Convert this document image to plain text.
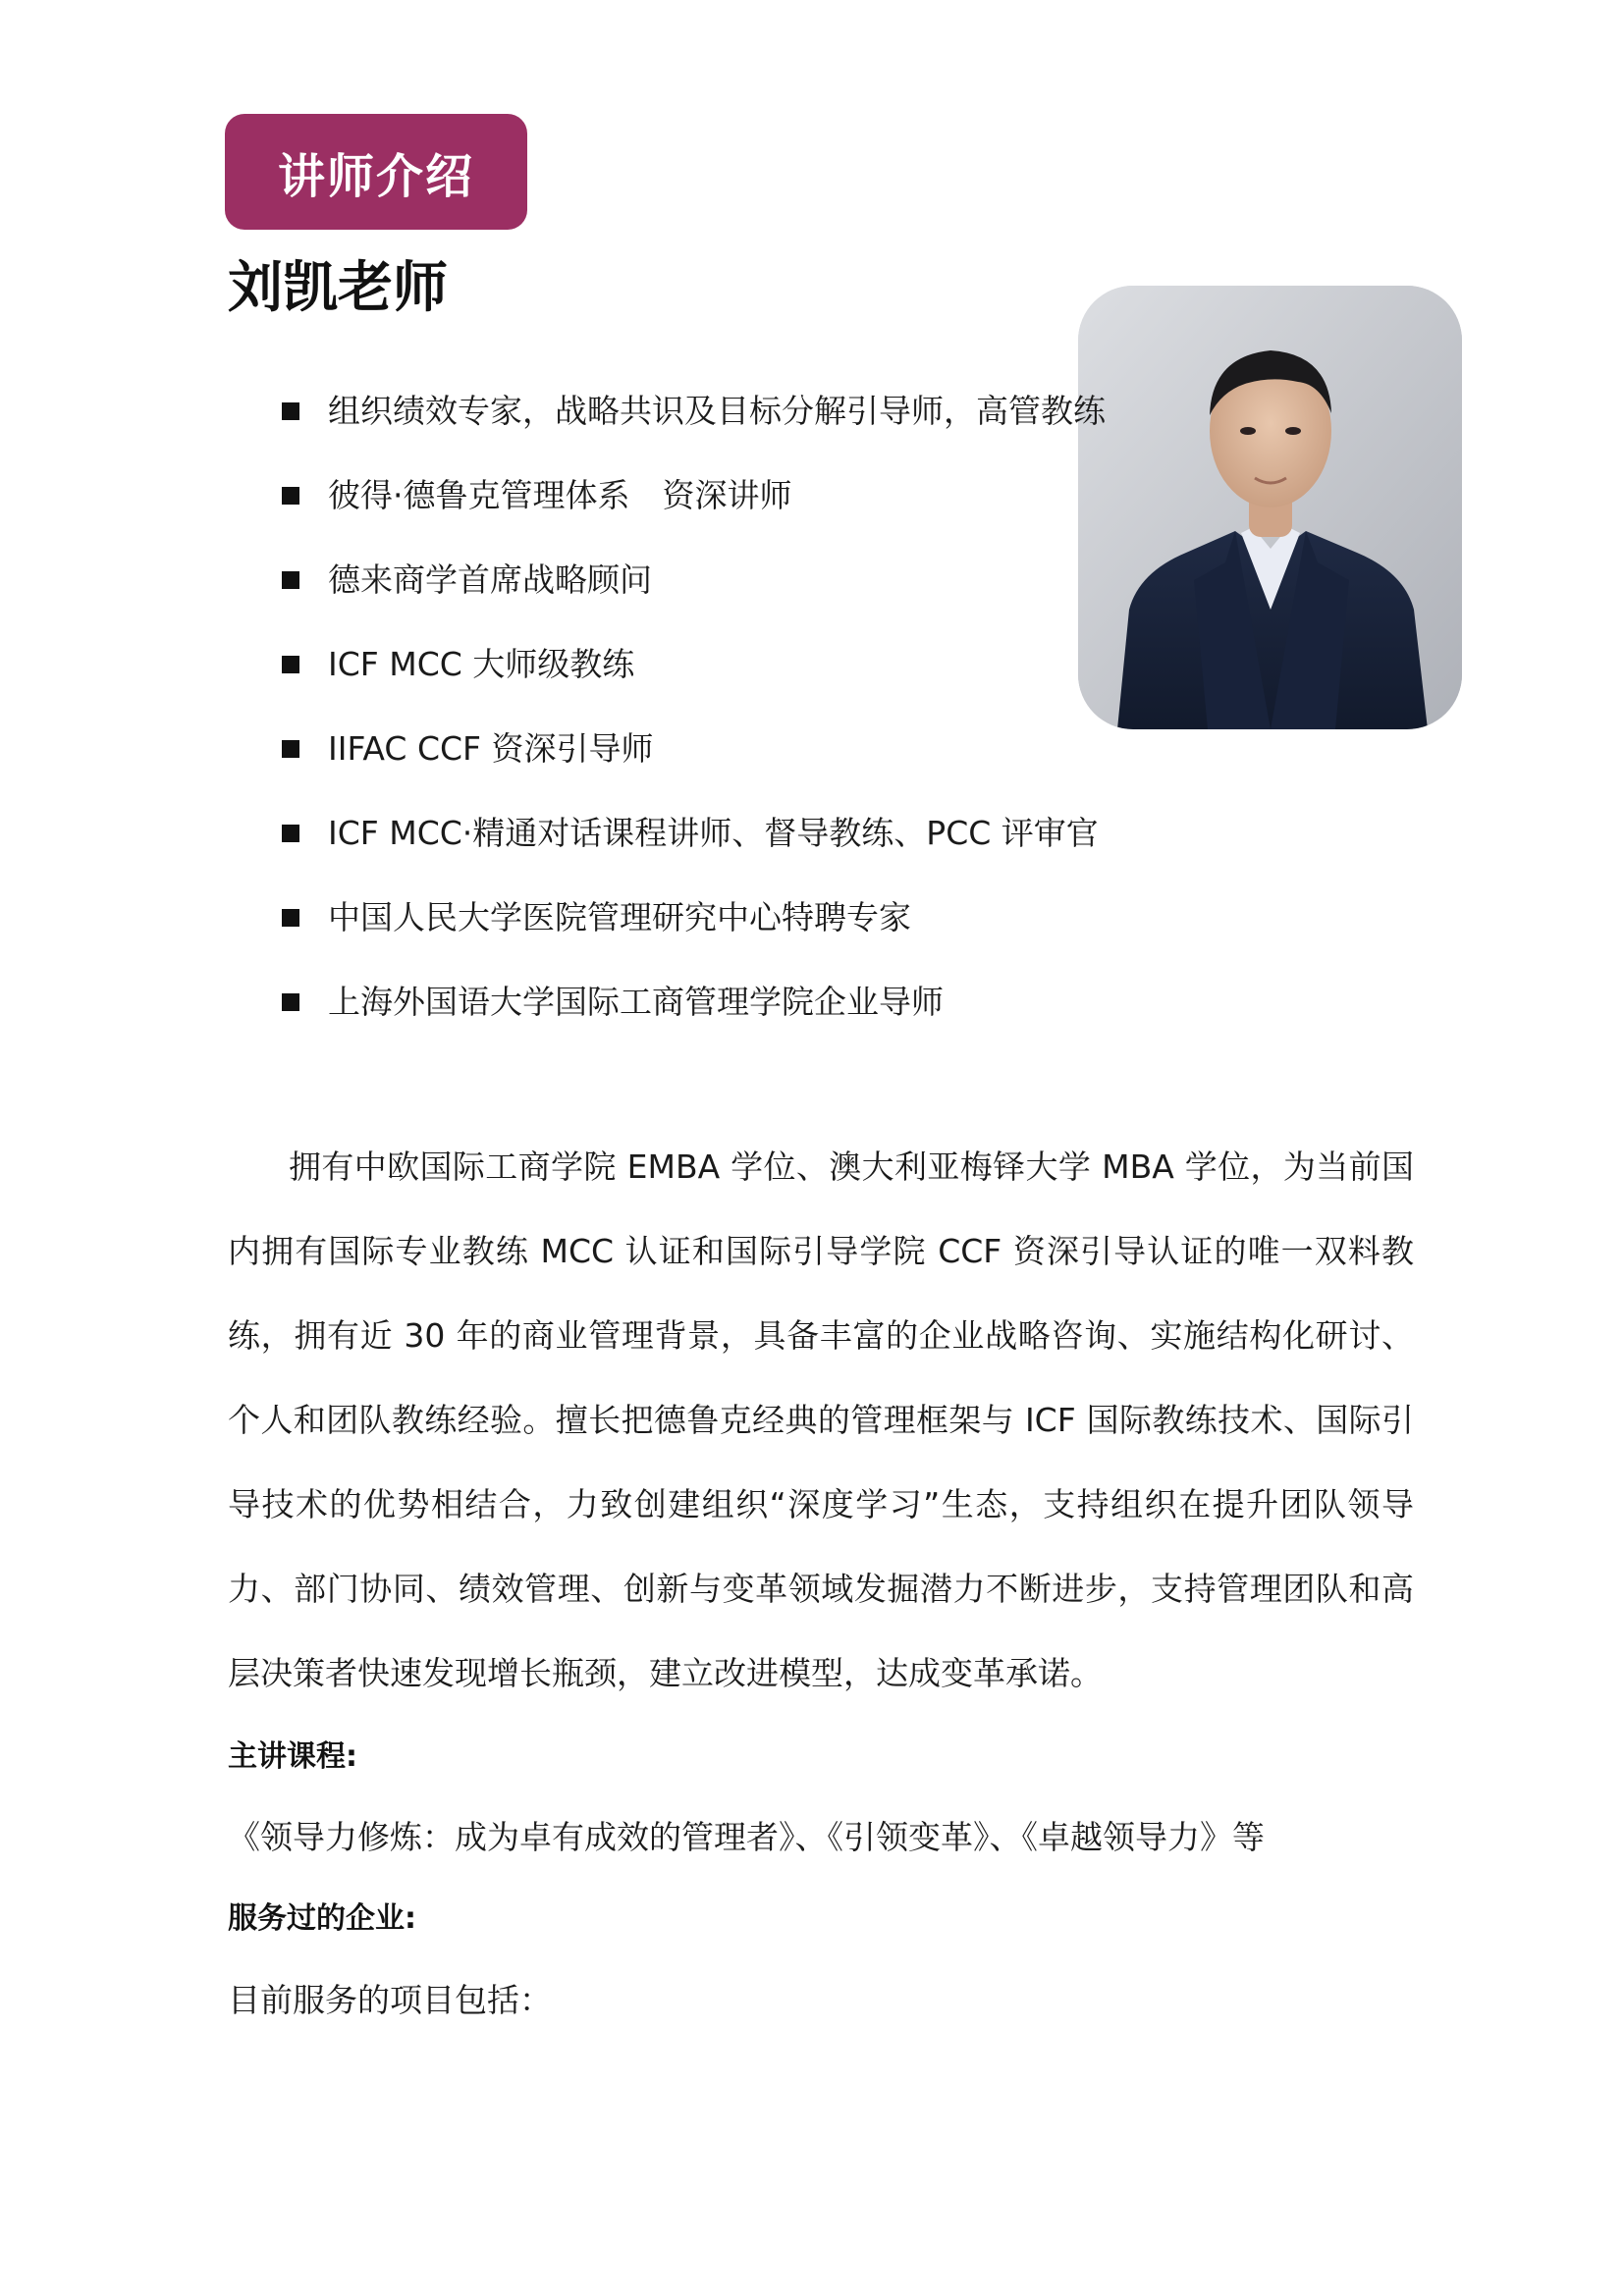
讲师介绍
刘凯老师
组织绩效专家，战略共识及目标分解引导师，高管教练
彼得·德鲁克管理体系　资深讲师
德来商学首席战略顾问
ICF MCC 大师级教练
IIFAC CCF 资深引导师
ICF MCC·精通对话课程讲师、督导教练、PCC 评审官
中国人民大学医院管理研究中心特聘专家
上海外国语大学国际工商管理学院企业导师

拥有中欧国际工商学院 EMBA 学位、澳大利亚梅铎大学 MBA 学位，为当前国内拥有国际专业教练 MCC 认证和国际引导学院 CCF 资深引导认证的唯一双料教练，拥有近 30 年的商业管理背景，具备丰富的企业战略咨询、实施结构化研讨、个人和团队教练经验。擅长把德鲁克经典的管理框架与 ICF 国际教练技术、国际引导技术的优势相结合，力致创建组织“深度学习”生态，支持组织在提升团队领导力、部门协同、绩效管理、创新与变革领域发掘潜力不断进步，支持管理团队和高层决策者快速发现增长瓶颈，建立改进模型，达成变革承诺。

主讲课程:

《领导力修炼：成为卓有成效的管理者》、《引领变革》、《卓越领导力》等

服务过的企业:

目前服务的项目包括：
